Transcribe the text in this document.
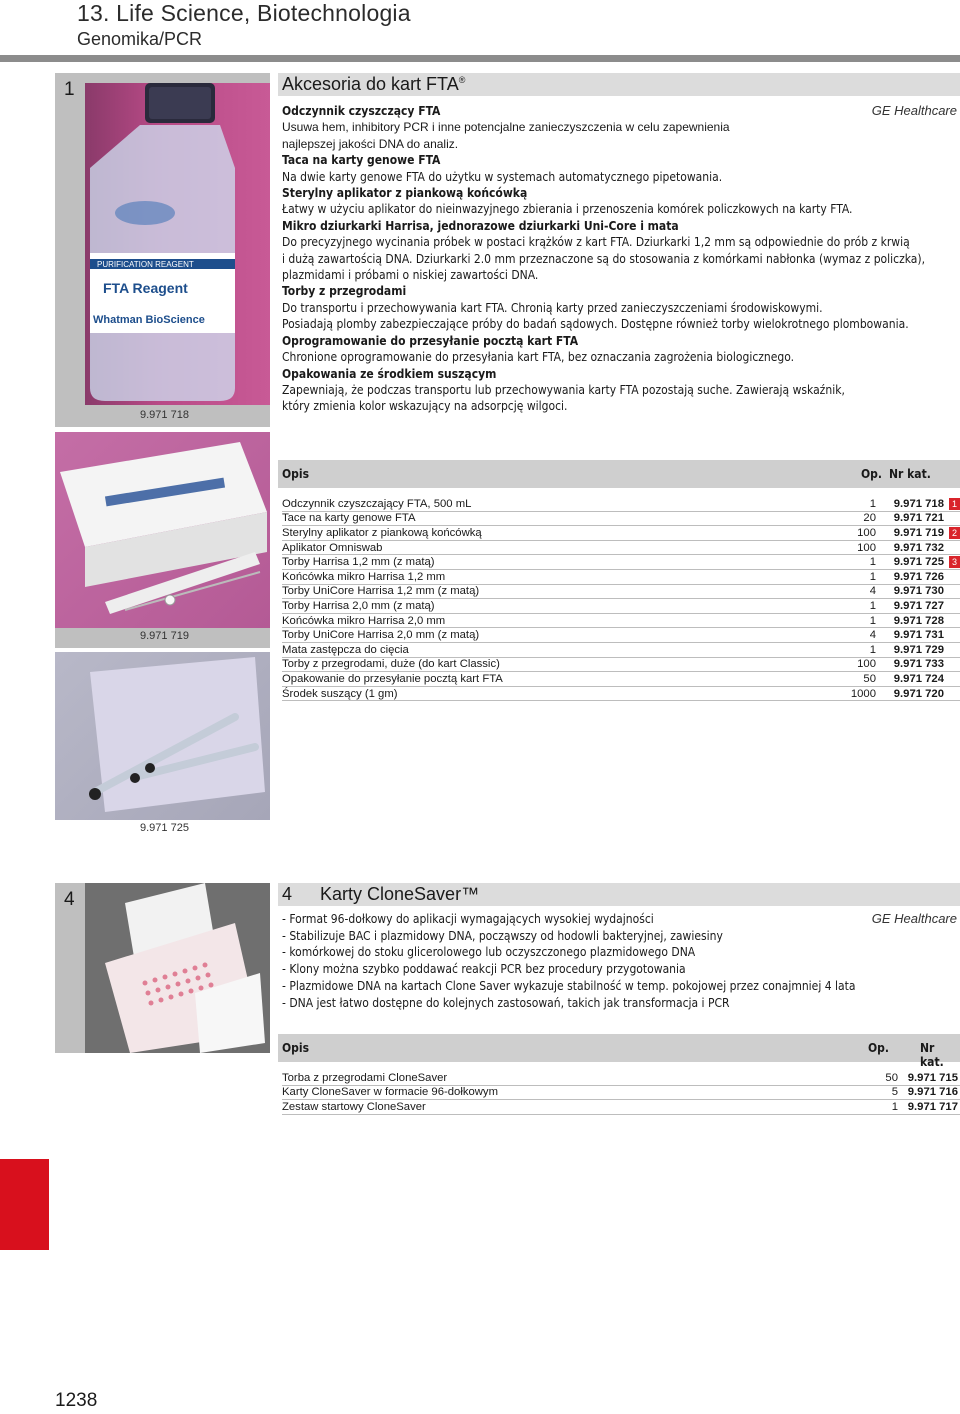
13. Life Science, Biotechnologia
Genomika/PCR
1
PURIFICATION REAGENT
FTA Reagent
Whatman BioScience
9.971 718
9.971 719
9.971 725
Akcesoria do kart FTA®
GE Healthcare
Odczynnik czyszczący FTA
Usuwa hem, inhibitory PCR i inne potencjalne zanieczyszczenia w celu zapewnienia
najlepszej jakości DNA do analiz.
Taca na karty genowe FTA
Na dwie karty genowe FTA do użytku w systemach automatycznego pipetowania.
Sterylny aplikator z piankową końcówką
Łatwy w użyciu aplikator do nieinwazyjnego zbierania i przenoszenia komórek policzkowych na karty FTA.
Mikro dziurkarki Harrisa, jednorazowe dziurkarki Uni-Core i mata
Do precyzyjnego wycinania próbek w postaci krążków z kart FTA. Dziurkarki 1,2 mm są odpowiednie do prób z krwią
i dużą zawartością DNA. Dziurkarki 2.0 mm przeznaczone są do stosowania z komórkami nabłonka (wymaz z policzka),
plazmidami i próbami o niskiej zawartości DNA.
Torby z przegrodami
Do transportu i przechowywania kart FTA. Chronią karty przed zanieczyszczeniami środowiskowymi.
Posiadają plomby zabezpieczające próby do badań sądowych. Dostępne również torby wielokrotnego plombowania.
Oprogramowanie do przesyłanie pocztą kart FTA
Chronione oprogramowanie do przesyłania kart FTA, bez oznaczania zagrożenia biologicznego.
Opakowania ze środkiem suszącym
Zapewniają, że podczas transportu lub przechowywania karty FTA pozostają suche. Zawierają wskaźnik,
który zmienia kolor wskazujący na adsorpcję wilgoci.
Opis	Op. Nr kat.
Odczynnik czyszczający FTA, 500 mL	1	9.971 718 1
Tace na karty genowe FTA	20	9.971 721
Sterylny aplikator z piankową końcówką	100	9.971 719 2
Aplikator Omniswab	100	9.971 732
Torby Harrisa 1,2 mm (z matą)	1	9.971 725 3
Końcówka mikro Harrisa 1,2 mm	1	9.971 726
Torby UniCore Harrisa 1,2 mm (z matą)	4	9.971 730
Torby Harrisa 2,0 mm (z matą)	1	9.971 727
Końcówka mikro Harrisa 2,0 mm	1	9.971 728
Torby UniCore Harrisa 2,0 mm (z matą)	4	9.971 731
Mata zastępcza do cięcia	1	9.971 729
Torby z przegrodami, duże (do kart Classic)	100	9.971 733
Opakowanie do przesyłanie pocztą kart FTA	50	9.971 724
Środek suszący (1 gm)	1000	9.971 720
4	4 Karty CloneSaver™
GE Healthcare
- Format 96-dołkowy do aplikacji wymagających wysokiej wydajności
- Stabilizuje BAC i plazmidowy DNA, począwszy od hodowli bakteryjnej, zawiesiny
- komórkowej do stoku glicerolowego lub oczyszczonego plazmidowego DNA
- Klony można szybko poddawać reakcji PCR bez procedury przygotowania
- Plazmidowe DNA na kartach Clone Saver wykazuje stabilność w temp. pokojowej przez conajmniej 4 lata
- DNA jest łatwo dostępne do kolejnych zastosowań, takich jak transformacja i PCR
Opis	Op.	Nr kat.
Torba z przegrodami CloneSaver	50 9.971 715
Karty CloneSaver w formacie 96-dołkowym	5 9.971 716
Zestaw startowy CloneSaver	1 9.971 717
1238
